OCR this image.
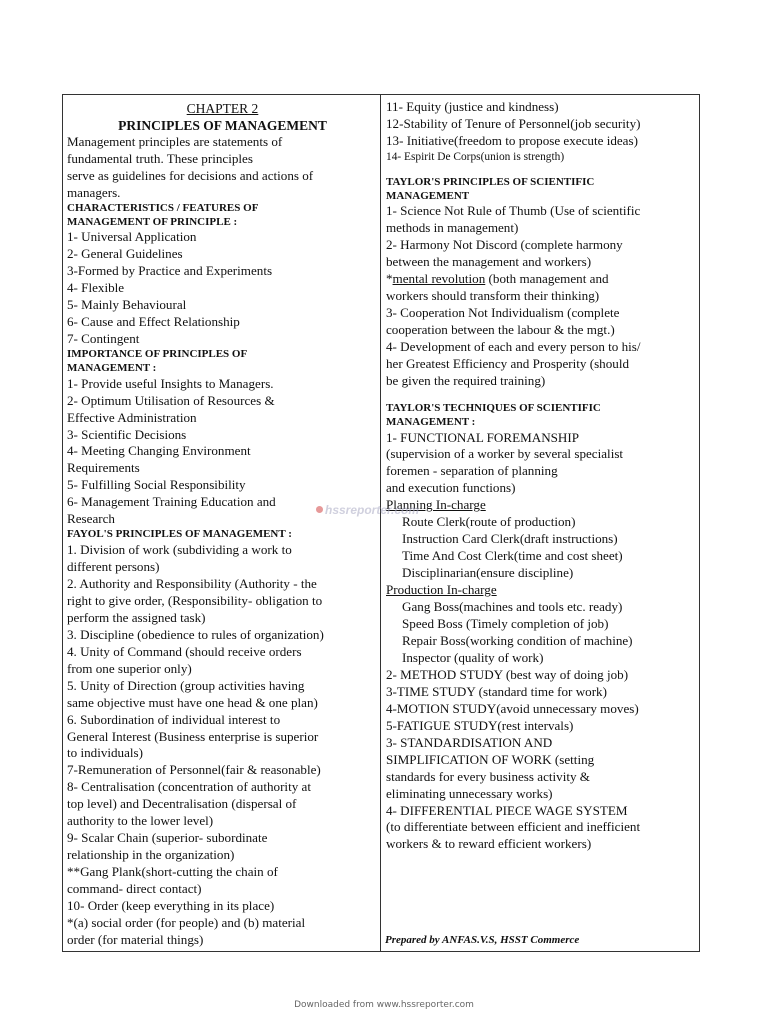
CHAPTER 2
PRINCIPLES OF MANAGEMENT
Management principles are statements of
fundamental truth. These principles
serve as guidelines for decisions and actions of
managers.
CHARACTERISTICS / FEATURES OF
MANAGEMENT OF PRINCIPLE :
1- Universal Application
2- General Guidelines
3-Formed by Practice and Experiments
4- Flexible
5- Mainly Behavioural
6- Cause and Effect Relationship
7- Contingent
IMPORTANCE OF PRINCIPLES OF
MANAGEMENT :
1- Provide useful Insights to Managers.
2- Optimum Utilisation of Resources &
Effective Administration
3- Scientific Decisions
4- Meeting Changing Environment
Requirements
5- Fulfilling Social Responsibility
6- Management Training Education and
Research
FAYOL'S PRINCIPLES OF MANAGEMENT :
1. Division of work (subdividing a work to
different persons)
2. Authority and Responsibility (Authority - the
right to give order, (Responsibility- obligation to
perform the assigned task)
3. Discipline (obedience to rules of organization)
4. Unity of Command (should receive orders
from one superior only)
5. Unity of Direction (group activities having
same objective must have one head & one plan)
6. Subordination of individual interest to
General Interest (Business enterprise is superior
to individuals)
7-Remuneration of Personnel(fair & reasonable)
8- Centralisation (concentration of authority at
top level) and Decentralisation (dispersal of
authority to the lower level)
9- Scalar Chain (superior- subordinate
relationship in the organization)
**Gang Plank(short-cutting the chain of
command- direct contact)
10- Order (keep everything in its place)
*(a) social order (for people) and (b) material
order (for material things)
11- Equity (justice and kindness)
12-Stability of Tenure of Personnel(job security)
13- Initiative(freedom to propose execute ideas)
14- Espirit De Corps(union is strength)
TAYLOR'S PRINCIPLES OF SCIENTIFIC
MANAGEMENT
1- Science Not Rule of Thumb (Use of scientific
methods in management)
2- Harmony Not Discord (complete harmony
between the management and workers)
*mental revolution (both management and
workers should transform their thinking)
3- Cooperation Not Individualism (complete
cooperation between the labour & the mgt.)
4- Development of each and every person to his/
her Greatest Efficiency and Prosperity (should
be given the required training)
TAYLOR'S TECHNIQUES OF SCIENTIFIC
MANAGEMENT :
1- FUNCTIONAL FOREMANSHIP
(supervision of a worker by several specialist
foremen - separation of planning
and execution functions)
Planning In-charge
Route Clerk(route of production)
Instruction Card Clerk(draft instructions)
Time And Cost Clerk(time and cost sheet)
Disciplinarian(ensure discipline)
Production In-charge
Gang Boss(machines and tools etc. ready)
Speed Boss (Timely completion of job)
Repair Boss(working condition of machine)
Inspector (quality of work)
2- METHOD STUDY (best way of doing job)
3-TIME STUDY (standard time for work)
4-MOTION STUDY(avoid unnecessary moves)
5-FATIGUE STUDY(rest intervals)
3- STANDARDISATION AND
SIMPLIFICATION OF WORK (setting
standards for every business activity &
eliminating unnecessary works)
4- DIFFERENTIAL PIECE WAGE SYSTEM
(to differentiate between efficient and inefficient
workers & to reward efficient workers)
Prepared by ANFAS.V.S, HSST Commerce
hssreporter.com
Downloaded from www.hssreporter.com
